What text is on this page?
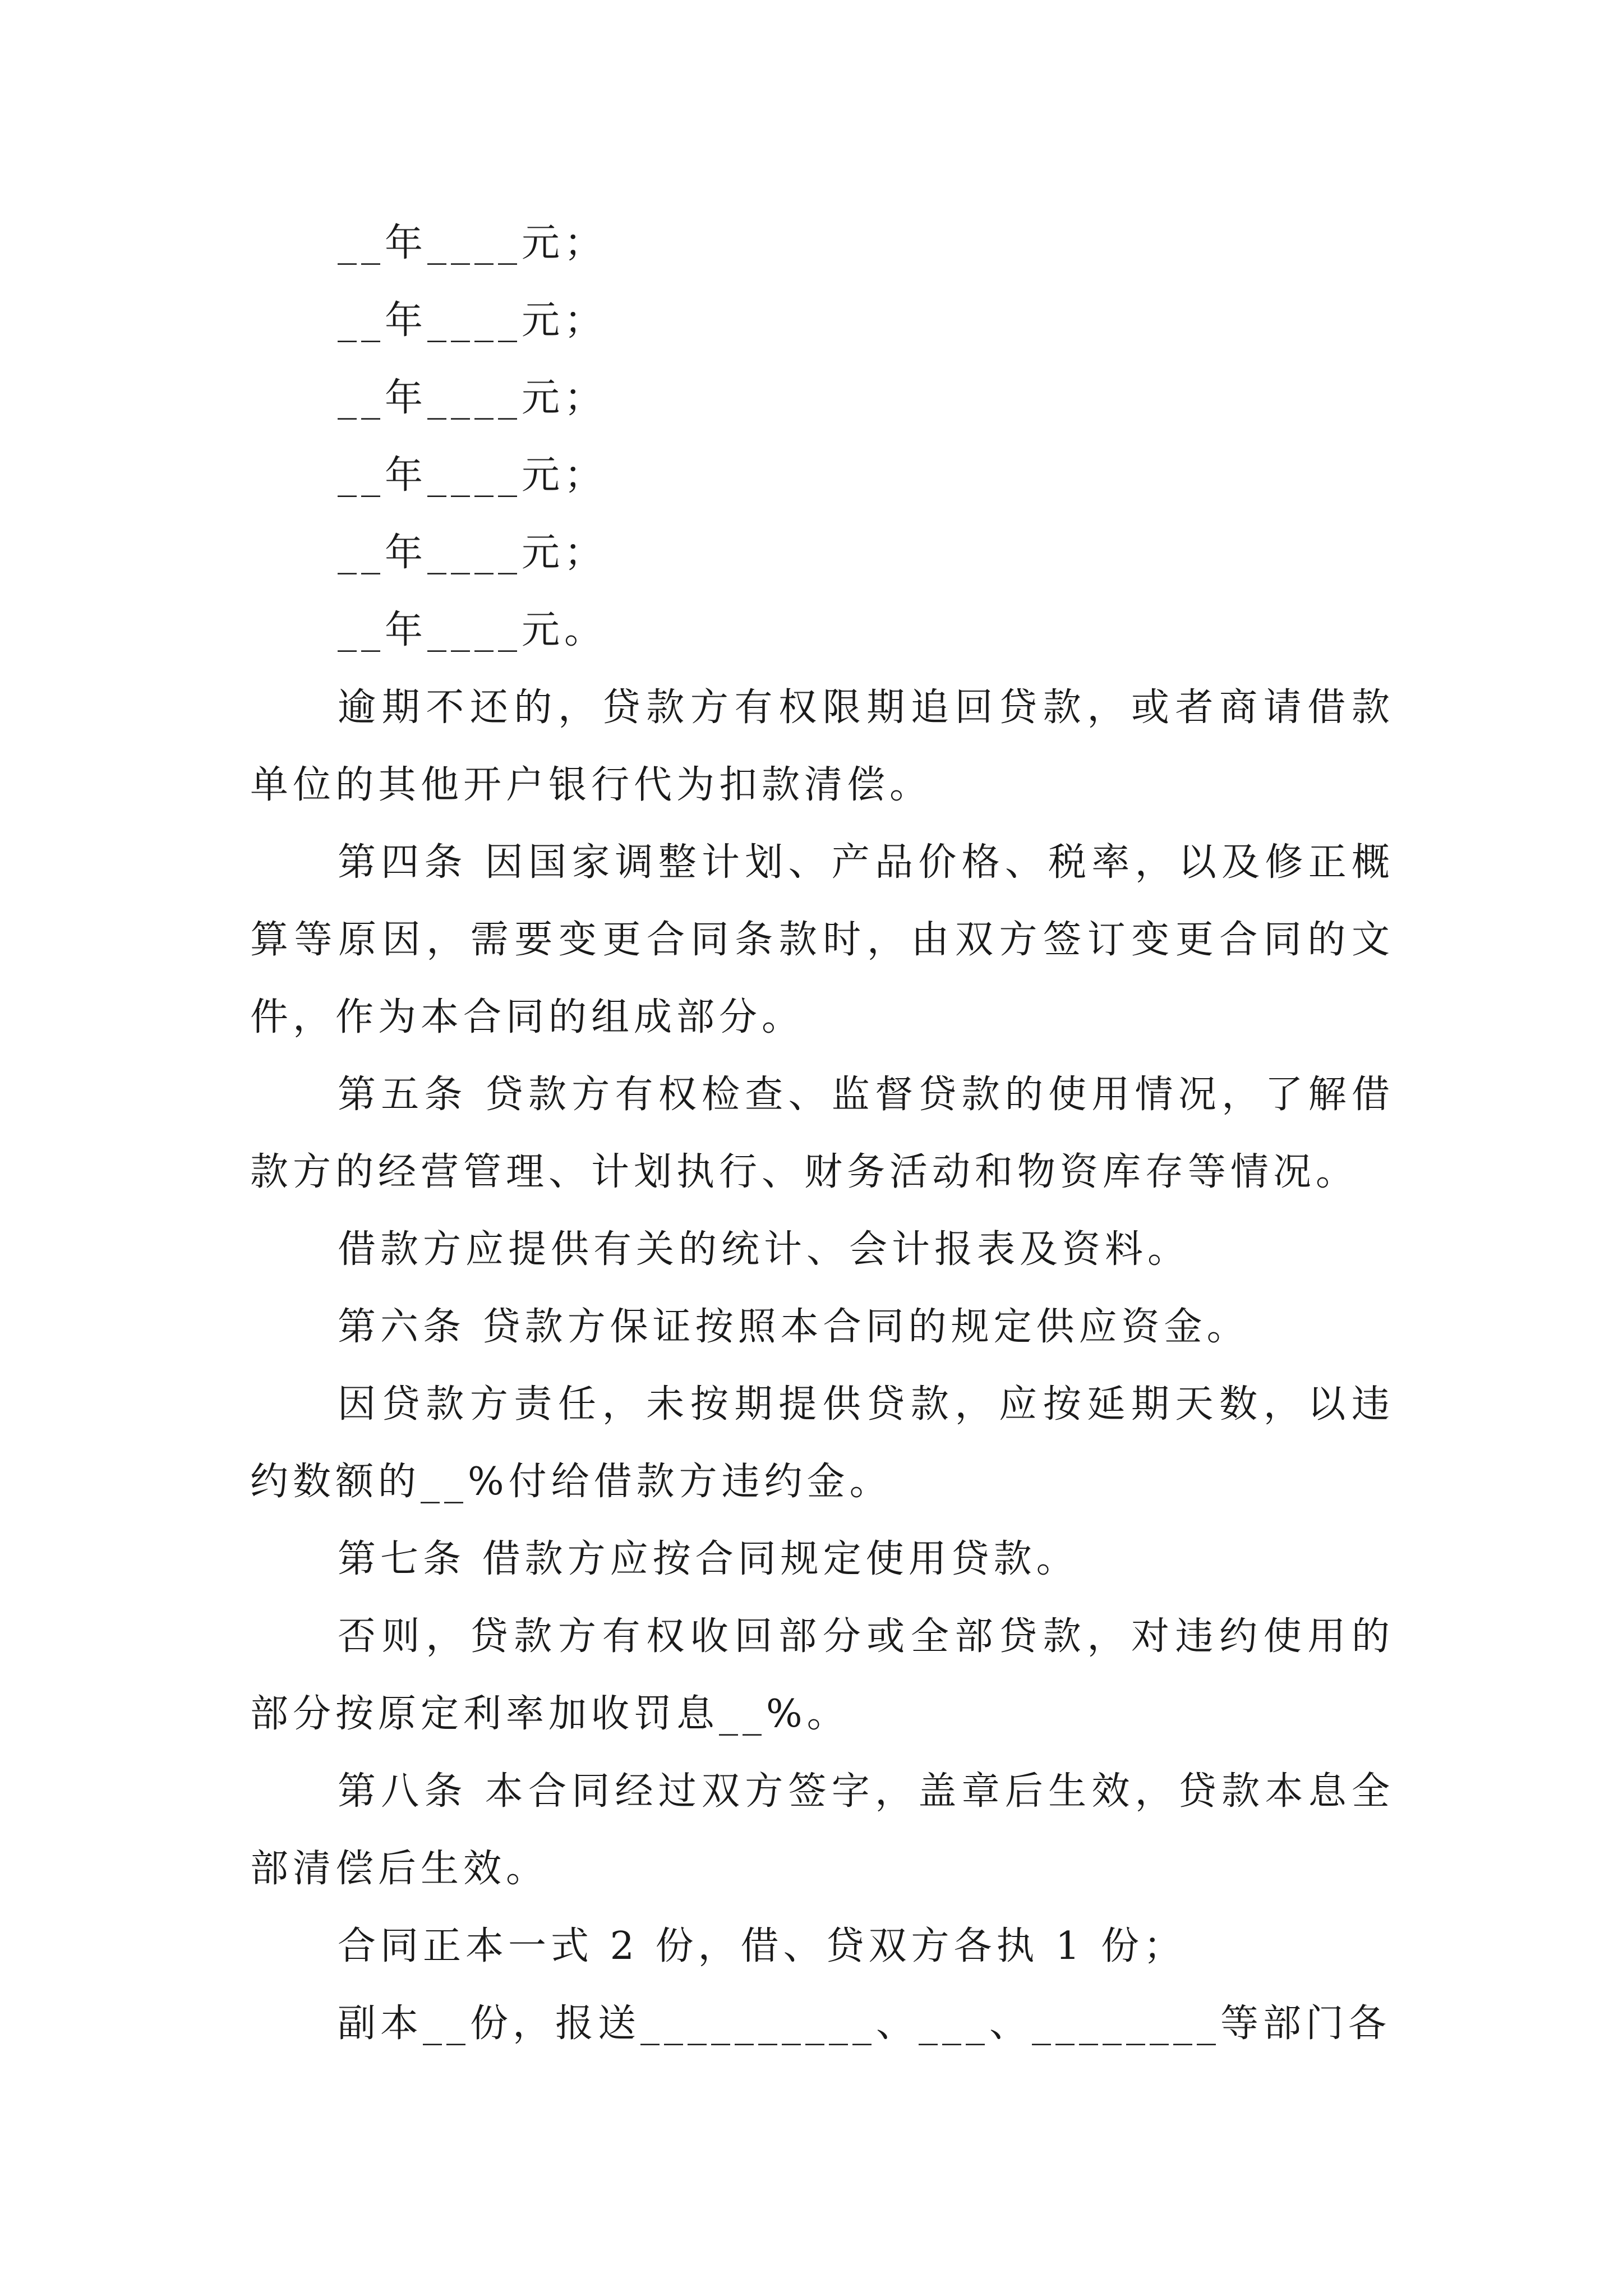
__年____元；

__年____元；

__年____元；

__年____元；

__年____元；

__年____元。

逾期不还的，贷款方有权限期追回贷款，或者商请借款单位的其他开户银行代为扣款清偿。

第四条 因国家调整计划、产品价格、税率，以及修正概算等原因，需要变更合同条款时，由双方签订变更合同的文件，作为本合同的组成部分。

第五条 贷款方有权检查、监督贷款的使用情况，了解借款方的经营管理、计划执行、财务活动和物资库存等情况。

借款方应提供有关的统计、会计报表及资料。

第六条 贷款方保证按照本合同的规定供应资金。

因贷款方责任，未按期提供贷款，应按延期天数，以违约数额的__%付给借款方违约金。

第七条 借款方应按合同规定使用贷款。

否则，贷款方有权收回部分或全部贷款，对违约使用的部分按原定利率加收罚息__%。

第八条 本合同经过双方签字，盖章后生效，贷款本息全部清偿后生效。

合同正本一式 2 份，借、贷双方各执 1 份；

副本__份，报送__________、___、________等部门各
